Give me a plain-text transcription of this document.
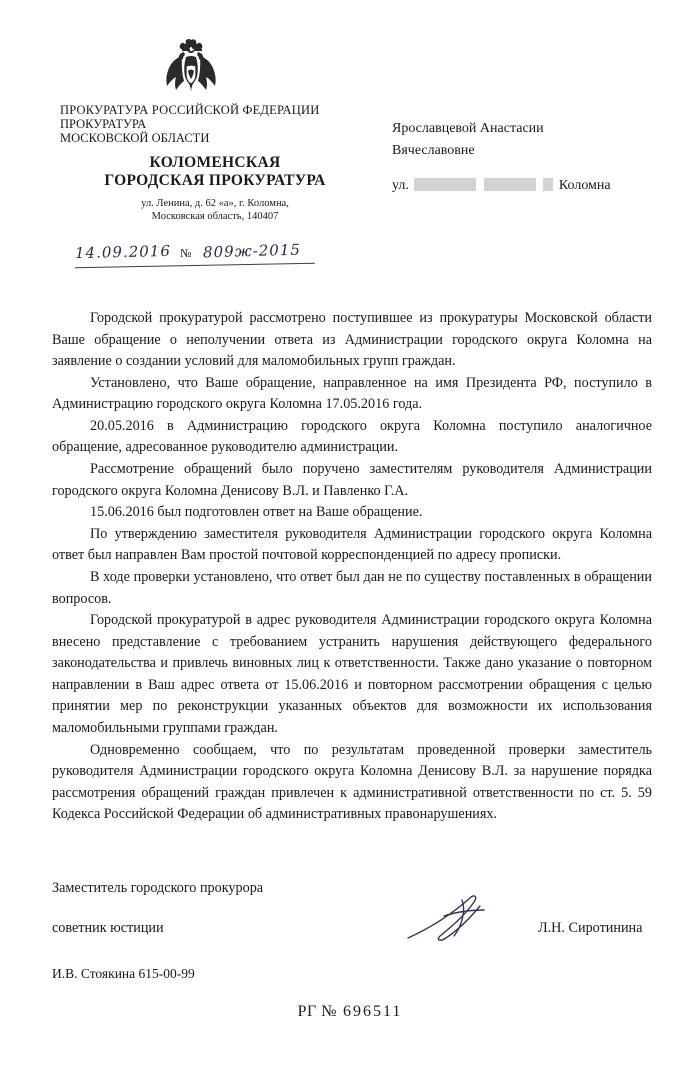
ПРОКУРАТУРА РОССИЙСКОЙ ФЕДЕРАЦИИ
ПРОКУРАТУРА
МОСКОВСКОЙ ОБЛАСТИ
КОЛОМЕНСКАЯ
ГОРОДСКАЯ ПРОКУРАТУРА
ул. Ленина, д. 62 «а», г. Коломна,
Московская область, 140407
14.09.2016 № 809ж-2015
Ярославцевой Анастасии
Вячеславовне
ул.	Коломна

Городской прокуратурой рассмотрено поступившее из прокуратуры Московской области Ваше обращение о неполучении ответа из Администрации городского округа Коломна на заявление о создании условий для маломобильных групп граждан.

Установлено, что Ваше обращение, направленное на имя Президента РФ, поступило в Администрацию городского округа Коломна 17.05.2016 года.

20.05.2016 в Администрацию городского округа Коломна поступило аналогичное обращение, адресованное руководителю администрации.

Рассмотрение обращений было поручено заместителям руководителя Администрации городского округа Коломна Денисову В.Л. и Павленко Г.А.

15.06.2016 был подготовлен ответ на Ваше обращение.

По утверждению заместителя руководителя Администрации городского округа Коломна ответ был направлен Вам простой почтовой корреспонденцией по адресу прописки.

В ходе проверки установлено, что ответ был дан не по существу поставленных в обращении вопросов.

Городской прокуратурой в адрес руководителя Администрации городского округа Коломна внесено представление с требованием устранить нарушения действующего федерального законодательства и привлечь виновных лиц к ответственности. Также дано указание о повторном направлении в Ваш адрес ответа от 15.06.2016 и повторном рассмотрении обращения с целью принятии мер по реконструкции указанных объектов для возможности их использования маломобильными группами граждан.

Одновременно сообщаем, что по результатам проведенной проверки заместитель руководителя Администрации городского округа Коломна Денисову В.Л. за нарушение порядка рассмотрения обращений граждан привлечен к административной ответственности по ст. 5. 59 Кодекса Российской Федерации об административных правонарушениях.

Заместитель городского прокурора
советник юстиции	Л.Н. Сиротинина
И.В. Стоякина 615-00-99
РГ № 696511
